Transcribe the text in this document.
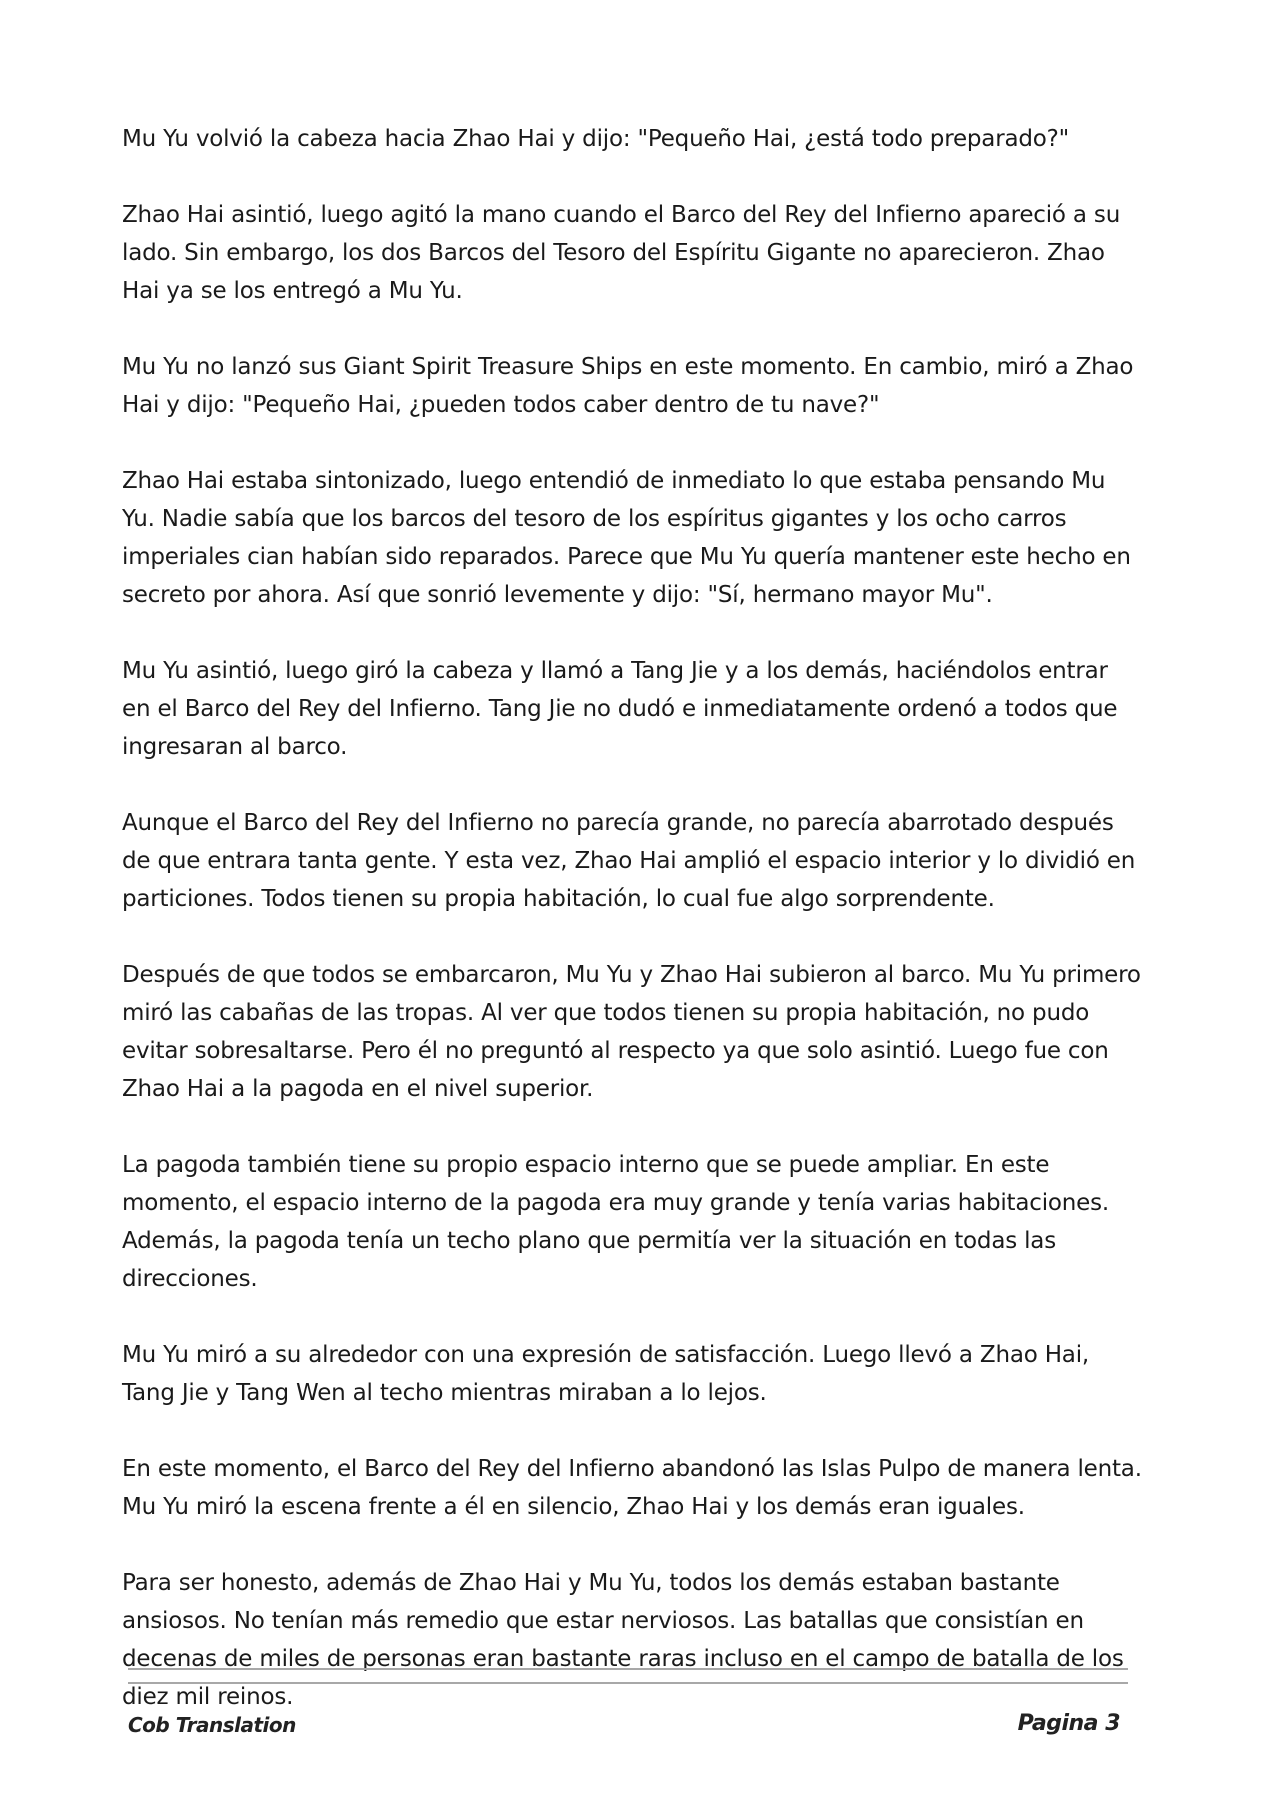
Mu Yu volvió la cabeza hacia Zhao Hai y dijo: "Pequeño Hai, ¿está todo preparado?"

Zhao Hai asintió, luego agitó la mano cuando el Barco del Rey del Infierno apareció a su lado. Sin embargo, los dos Barcos del Tesoro del Espíritu Gigante no aparecieron. Zhao Hai ya se los entregó a Mu Yu.

Mu Yu no lanzó sus Giant Spirit Treasure Ships en este momento. En cambio, miró a Zhao Hai y dijo: "Pequeño Hai, ¿pueden todos caber dentro de tu nave?"

Zhao Hai estaba sintonizado, luego entendió de inmediato lo que estaba pensando Mu Yu. Nadie sabía que los barcos del tesoro de los espíritus gigantes y los ocho carros imperiales cian habían sido reparados. Parece que Mu Yu quería mantener este hecho en secreto por ahora. Así que sonrió levemente y dijo: "Sí, hermano mayor Mu".

Mu Yu asintió, luego giró la cabeza y llamó a Tang Jie y a los demás, haciéndolos entrar en el Barco del Rey del Infierno. Tang Jie no dudó e inmediatamente ordenó a todos que ingresaran al barco.

Aunque el Barco del Rey del Infierno no parecía grande, no parecía abarrotado después de que entrara tanta gente. Y esta vez, Zhao Hai amplió el espacio interior y lo dividió en particiones. Todos tienen su propia habitación, lo cual fue algo sorprendente.

Después de que todos se embarcaron, Mu Yu y Zhao Hai subieron al barco. Mu Yu primero miró las cabañas de las tropas. Al ver que todos tienen su propia habitación, no pudo evitar sobresaltarse. Pero él no preguntó al respecto ya que solo asintió. Luego fue con Zhao Hai a la pagoda en el nivel superior.

La pagoda también tiene su propio espacio interno que se puede ampliar. En este momento, el espacio interno de la pagoda era muy grande y tenía varias habitaciones. Además, la pagoda tenía un techo plano que permitía ver la situación en todas las direcciones.

Mu Yu miró a su alrededor con una expresión de satisfacción. Luego llevó a Zhao Hai, Tang Jie y Tang Wen al techo mientras miraban a lo lejos.

En este momento, el Barco del Rey del Infierno abandonó las Islas Pulpo de manera lenta. Mu Yu miró la escena frente a él en silencio, Zhao Hai y los demás eran iguales.

Para ser honesto, además de Zhao Hai y Mu Yu, todos los demás estaban bastante ansiosos. No tenían más remedio que estar nerviosos. Las batallas que consistían en decenas de miles de personas eran bastante raras incluso en el campo de batalla de los diez mil reinos.

Cob Translation	Pagina 3
